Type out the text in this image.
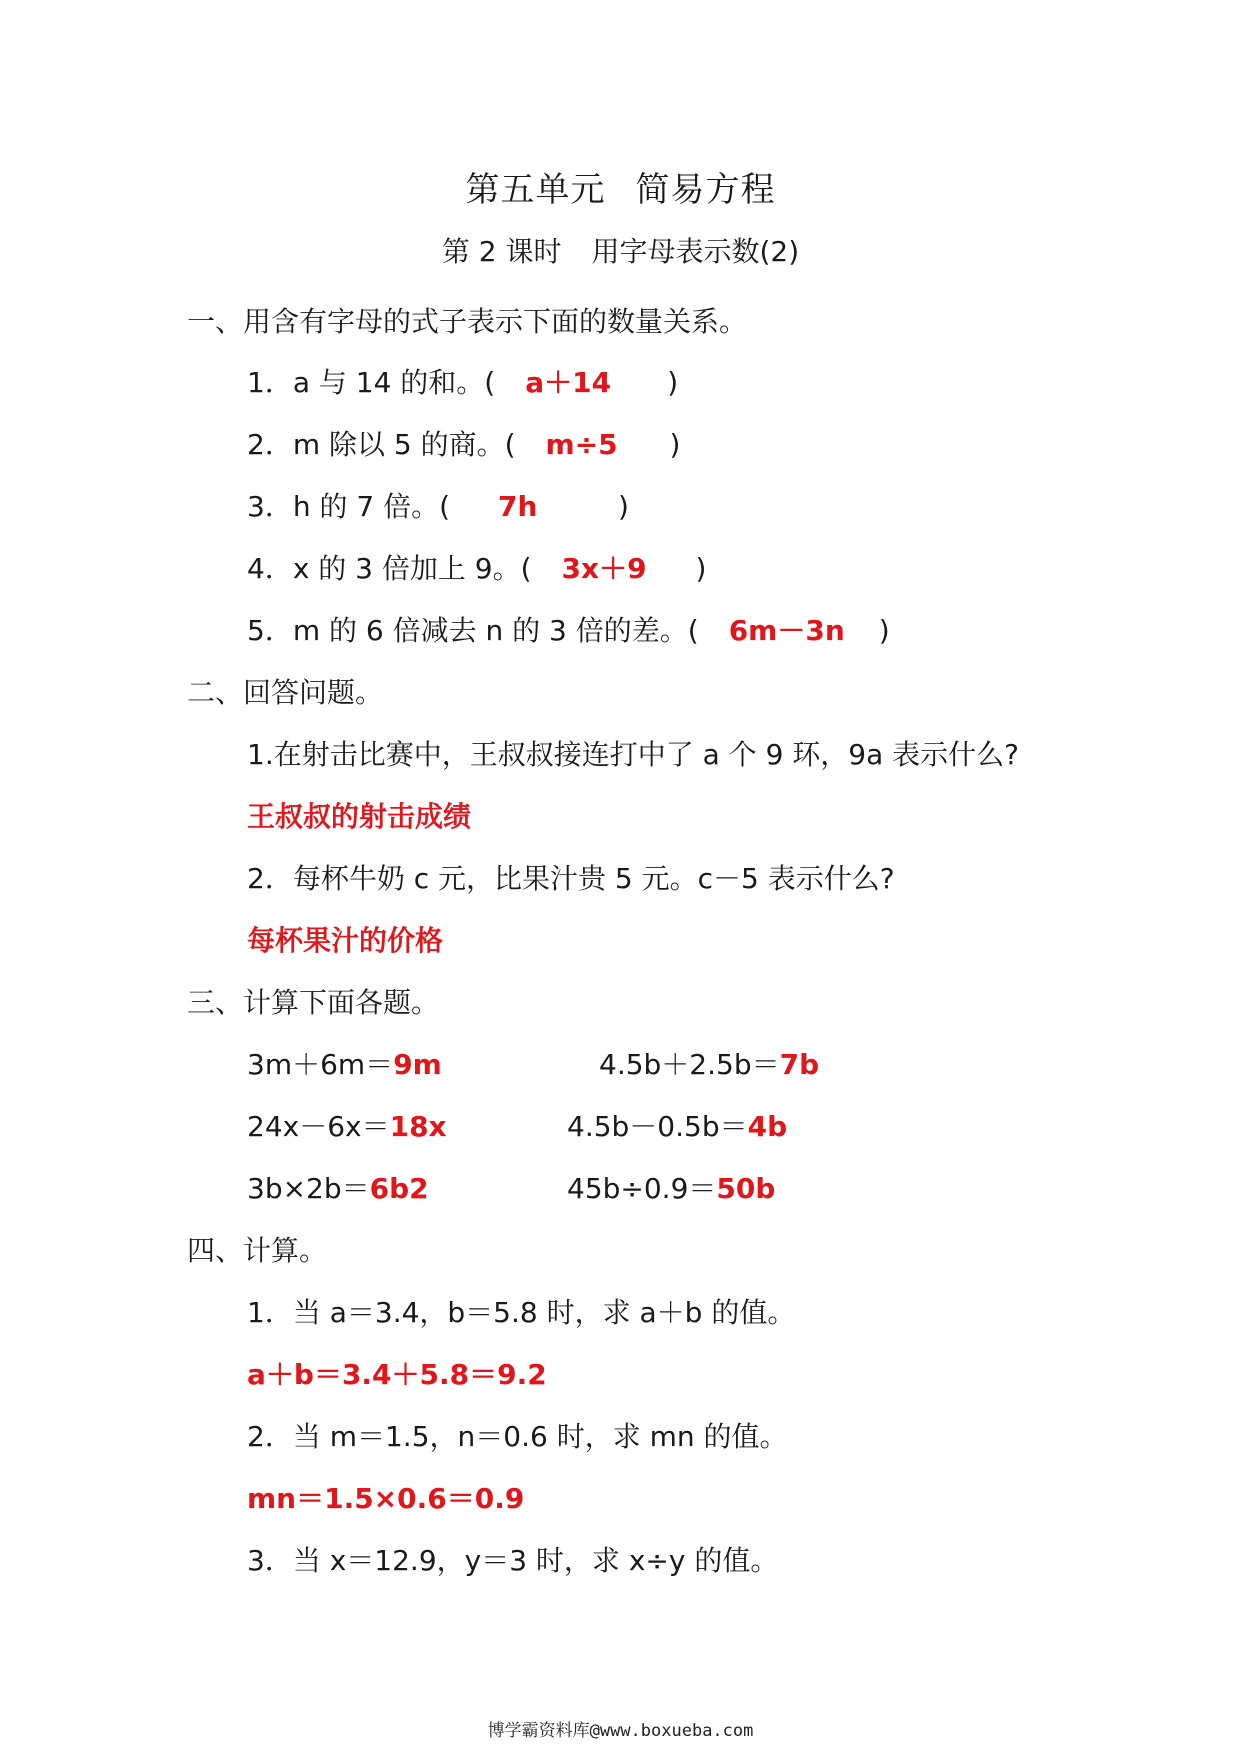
第五单元 简易方程
第 2 课时 用字母表示数(2)
一、用含有字母的式子表示下面的数量关系。
1．a 与 14 的和。( a＋14 )
2．m 除以 5 的商。( m÷5 )
3．h 的 7 倍。( 7h	)
4．x 的 3 倍加上 9。( 3x＋9 )
5．m 的 6 倍减去 n 的 3 倍的差。( 6m－3n )
二、回答问题。
1.在射击比赛中，王叔叔接连打中了 a 个 9 环，9a 表示什么?
王叔叔的射击成绩
2．每杯牛奶 c 元，比果汁贵 5 元。c－5 表示什么?
每杯果汁的价格
三、计算下面各题。
3m＋6m＝9m	4.5b＋2.5b＝7b
24x－6x＝18x	4.5b－0.5b＝4b
3b×2b＝6b2	45b÷0.9＝50b
四、计算。
1．当 a＝3.4，b＝5.8 时，求 a＋b 的值。
a＋b＝3.4＋5.8＝9.2
2．当 m＝1.5，n＝0.6 时，求 mn 的值。
mn＝1.5×0.6＝0.9
3．当 x＝12.9，y＝3 时，求 x÷y 的值。
博学霸资料库@www.boxueba.com
